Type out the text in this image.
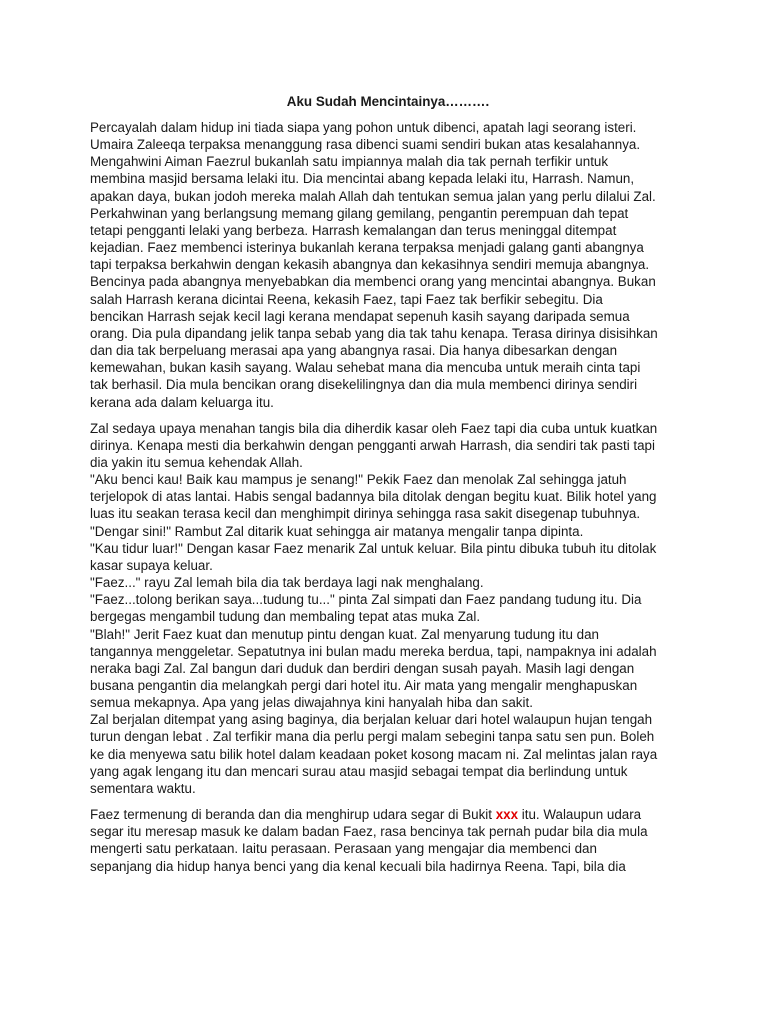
Aku Sudah Mencintainya……….
Percayalah dalam hidup ini tiada siapa yang pohon untuk dibenci, apatah lagi seorang isteri.
Umaira Zaleeqa terpaksa menanggung rasa dibenci suami sendiri bukan atas kesalahannya.
Mengahwini Aiman Faezrul bukanlah satu impiannya malah dia tak pernah terfikir untuk
membina masjid bersama lelaki itu. Dia mencintai abang kepada lelaki itu, Harrash. Namun,
apakan daya, bukan jodoh mereka malah Allah dah tentukan semua jalan yang perlu dilalui Zal.
Perkahwinan yang berlangsung memang gilang gemilang, pengantin perempuan dah tepat
tetapi pengganti lelaki yang berbeza. Harrash kemalangan dan terus meninggal ditempat
kejadian. Faez membenci isterinya bukanlah kerana terpaksa menjadi galang ganti abangnya
tapi terpaksa berkahwin dengan kekasih abangnya dan kekasihnya sendiri memuja abangnya.
Bencinya pada abangnya menyebabkan dia membenci orang yang mencintai abangnya. Bukan
salah Harrash kerana dicintai Reena, kekasih Faez, tapi Faez tak berfikir sebegitu. Dia
bencikan Harrash sejak kecil lagi kerana mendapat sepenuh kasih sayang daripada semua
orang. Dia pula dipandang jelik tanpa sebab yang dia tak tahu kenapa. Terasa dirinya disisihkan
dan dia tak berpeluang merasai apa yang abangnya rasai. Dia hanya dibesarkan dengan
kemewahan, bukan kasih sayang. Walau sehebat mana dia mencuba untuk meraih cinta tapi
tak berhasil. Dia mula bencikan orang disekelilingnya dan dia mula membenci dirinya sendiri
kerana ada dalam keluarga itu.
Zal sedaya upaya menahan tangis bila dia diherdik kasar oleh Faez tapi dia cuba untuk kuatkan
dirinya. Kenapa mesti dia berkahwin dengan pengganti arwah Harrash, dia sendiri tak pasti tapi
dia yakin itu semua kehendak Allah.
"Aku benci kau! Baik kau mampus je senang!" Pekik Faez dan menolak Zal sehingga jatuh
terjelopok di atas lantai. Habis sengal badannya bila ditolak dengan begitu kuat. Bilik hotel yang
luas itu seakan terasa kecil dan menghimpit dirinya sehingga rasa sakit disegenap tubuhnya.
"Dengar sini!" Rambut Zal ditarik kuat sehingga air matanya mengalir tanpa dipinta.
"Kau tidur luar!" Dengan kasar Faez menarik Zal untuk keluar. Bila pintu dibuka tubuh itu ditolak
kasar supaya keluar.
"Faez..." rayu Zal lemah bila dia tak berdaya lagi nak menghalang.
"Faez...tolong berikan saya...tudung tu..." pinta Zal simpati dan Faez pandang tudung itu. Dia
bergegas mengambil tudung dan membaling tepat atas muka Zal.
"Blah!" Jerit Faez kuat dan menutup pintu dengan kuat. Zal menyarung tudung itu dan
tangannya menggeletar. Sepatutnya ini bulan madu mereka berdua, tapi, nampaknya ini adalah
neraka bagi Zal. Zal bangun dari duduk dan berdiri dengan susah payah. Masih lagi dengan
busana pengantin dia melangkah pergi dari hotel itu. Air mata yang mengalir menghapuskan
semua mekapnya. Apa yang jelas diwajahnya kini hanyalah hiba dan sakit.
Zal berjalan ditempat yang asing baginya, dia berjalan keluar dari hotel walaupun hujan tengah
turun dengan lebat . Zal terfikir mana dia perlu pergi malam sebegini tanpa satu sen pun. Boleh
ke dia menyewa satu bilik hotel dalam keadaan poket kosong macam ni. Zal melintas jalan raya
yang agak lengang itu dan mencari surau atau masjid sebagai tempat dia berlindung untuk
sementara waktu.
Faez termenung di beranda dan dia menghirup udara segar di Bukit xxx itu. Walaupun udara
segar itu meresap masuk ke dalam badan Faez, rasa bencinya tak pernah pudar bila dia mula
mengerti satu perkataan. Iaitu perasaan. Perasaan yang mengajar dia membenci dan
sepanjang dia hidup hanya benci yang dia kenal kecuali bila hadirnya Reena. Tapi, bila dia
